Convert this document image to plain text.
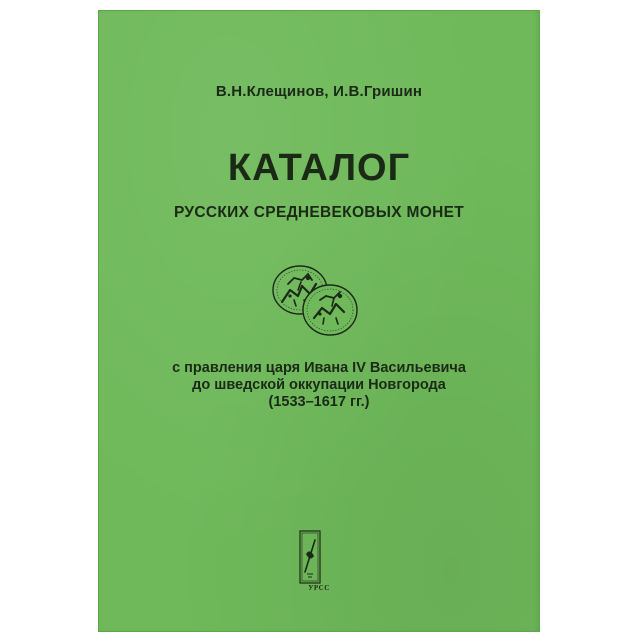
В.Н.Клещинов, И.В.Гришин
КАТАЛОГ
РУССКИХ СРЕДНЕВЕКОВЫХ МОНЕТ
с правления царя Ивана IV Васильевича
до шведской оккупации Новгорода
(1533–1617 гг.)
УРСС
